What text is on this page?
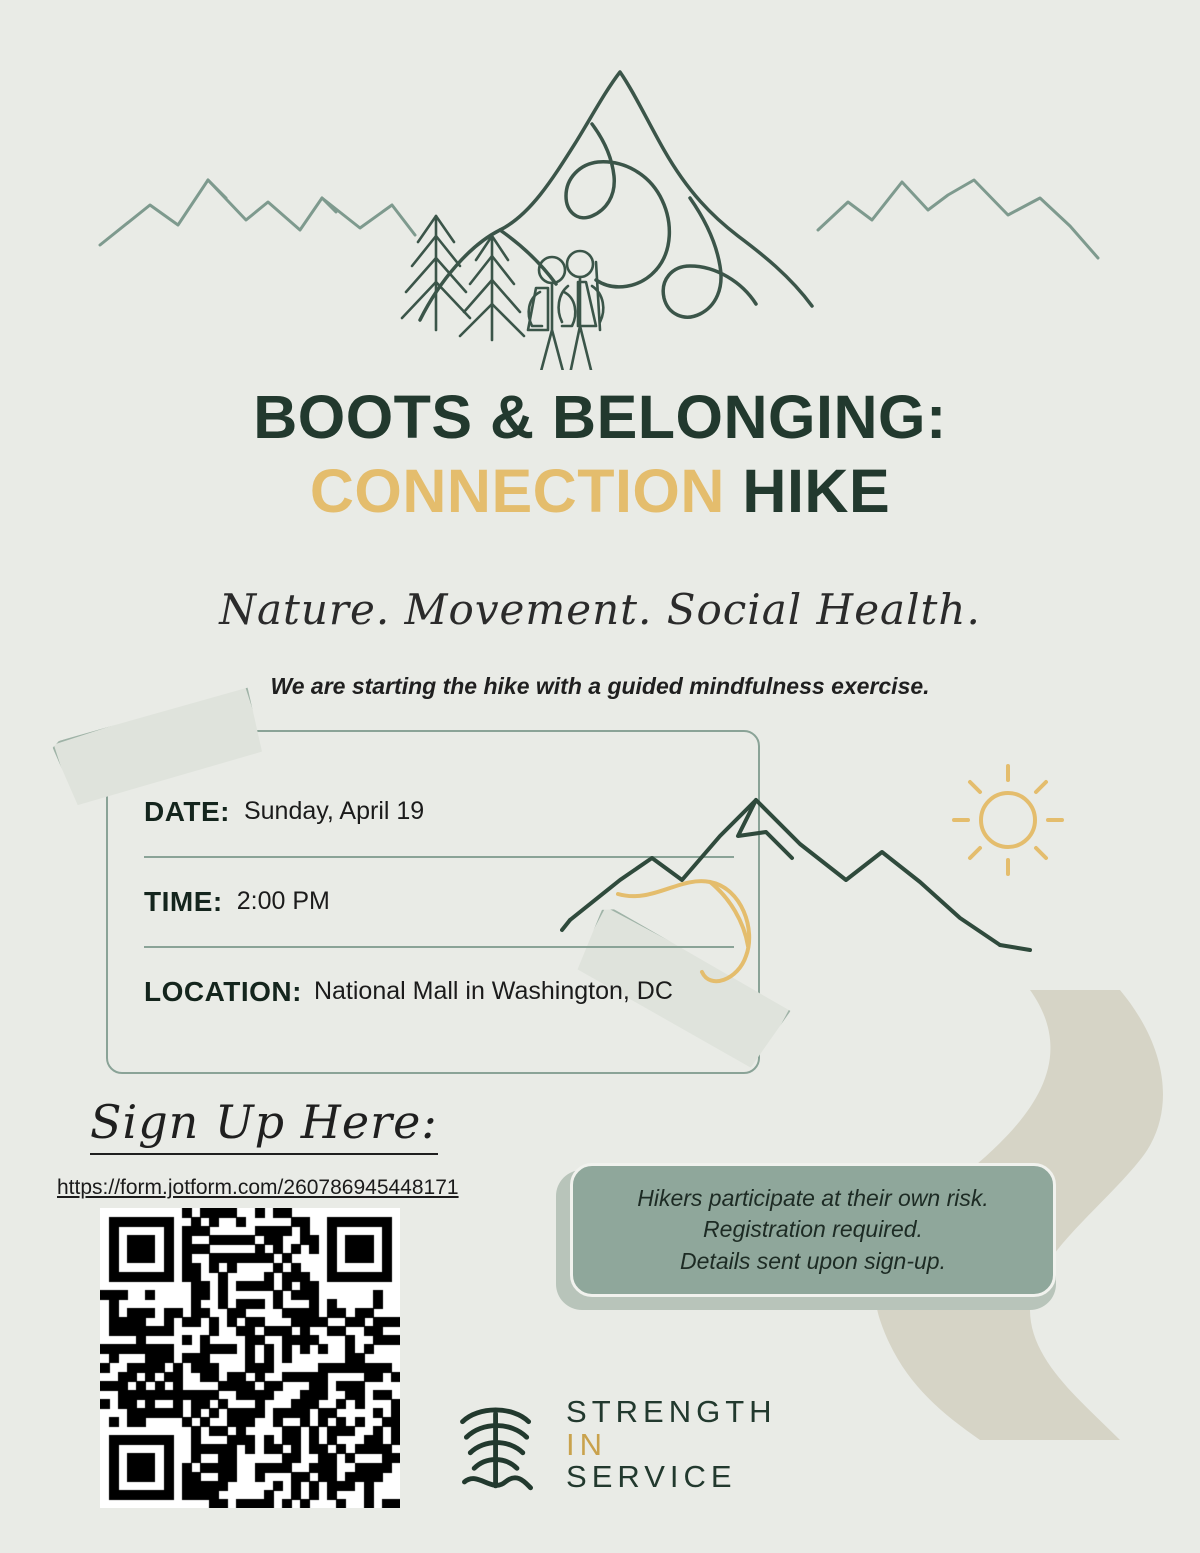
BOOTS & BELONGING:
CONNECTION HIKE
Nature. Movement. Social Health.
We are starting the hike with a guided mindfulness exercise.
DATE: Sunday, April 19
TIME: 2:00 PM
LOCATION: National Mall in Washington, DC
Sign Up Here:
https://form.jotform.com/260786945448171	Hikers participate at their own risk.
Registration required.
Details sent upon sign-up.
STRENGTH
IN SERVICE
